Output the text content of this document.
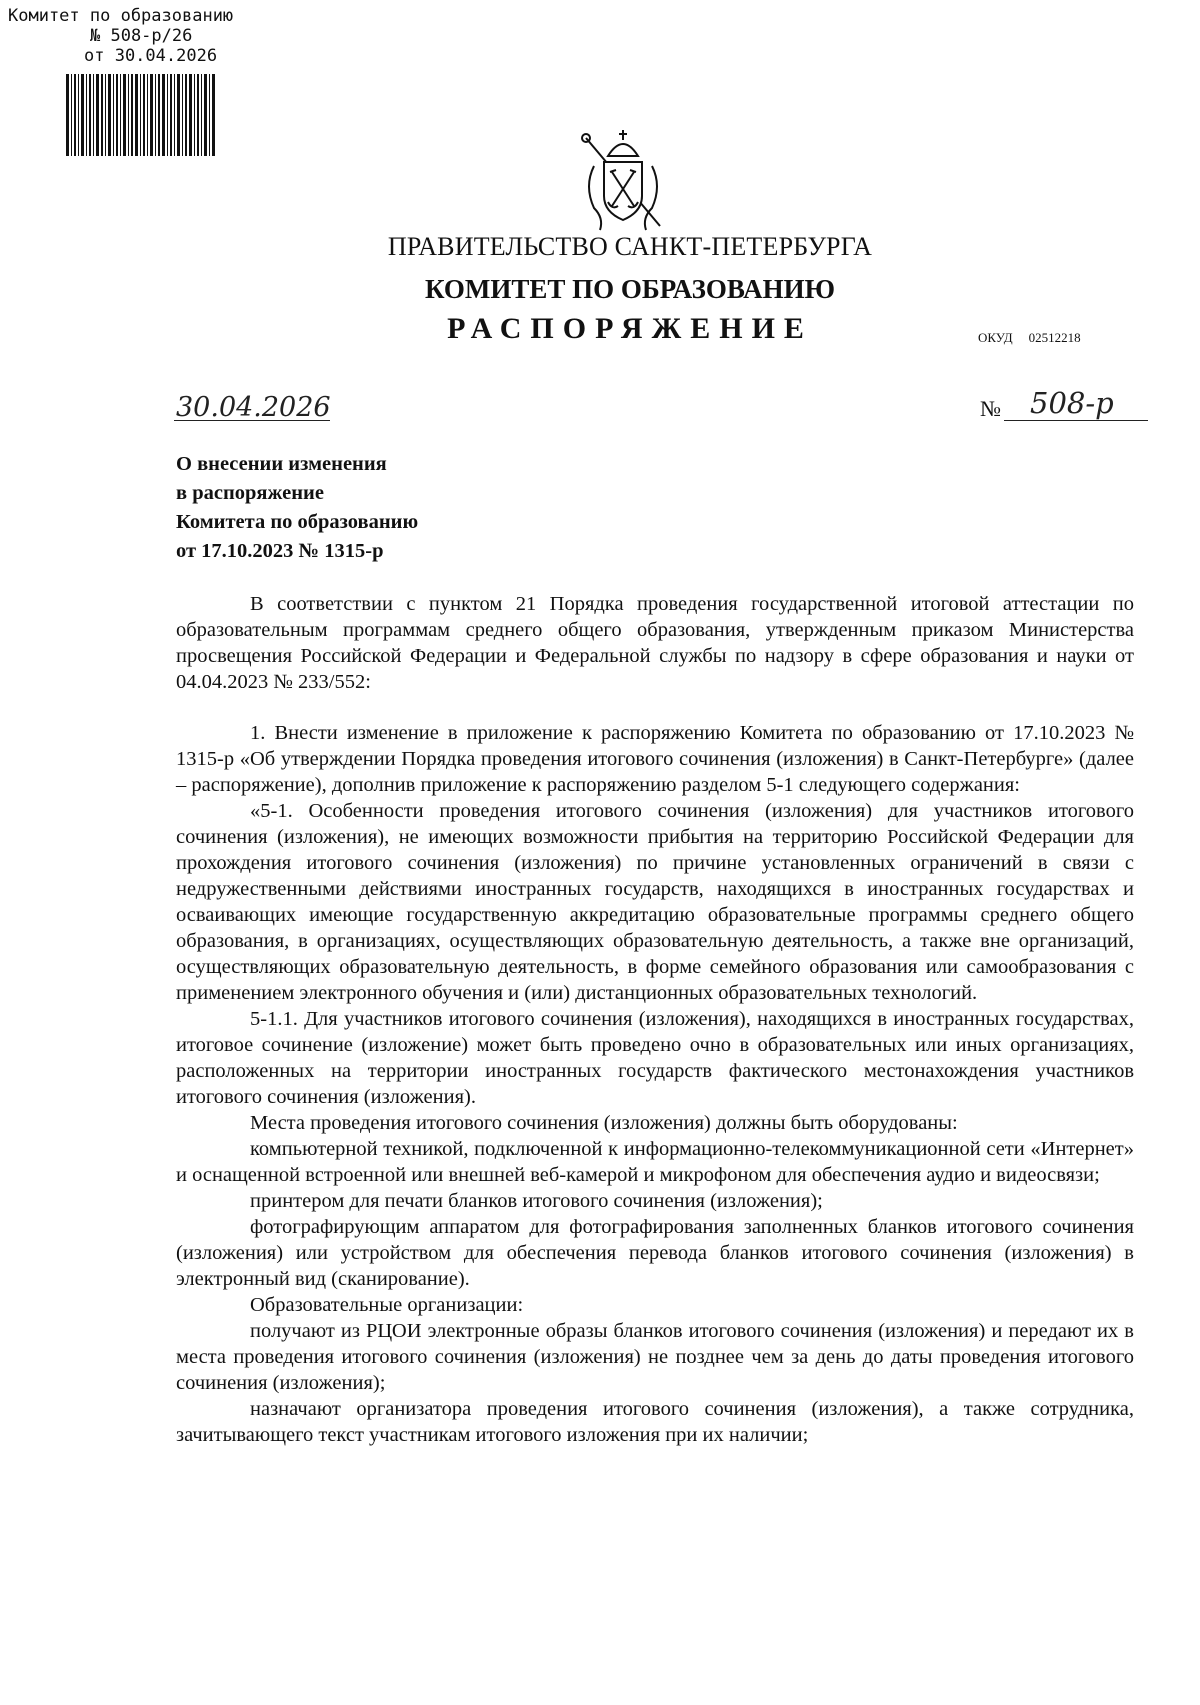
Комитет по образованию
№ 508-р/26
от 30.04.2026
ПРАВИТЕЛЬСТВО САНКТ-ПЕТЕРБУРГА
КОМИТЕТ ПО ОБРАЗОВАНИЮ
РАСПОРЯЖЕНИЕ	ОКУД 02512218
30.04.2026	№ 508-р
О внесении изменения
в распоряжение
Комитета по образованию
от 17.10.2023 № 1315-р

В соответствии с пунктом 21 Порядка проведения государственной итоговой аттестации по образовательным программам среднего общего образования, утвержденным приказом Министерства просвещения Российской Федерации и Федеральной службы по надзору в сфере образования и науки от 04.04.2023 № 233/552:

1. Внести изменение в приложение к распоряжению Комитета по образованию от 17.10.2023 № 1315-р «Об утверждении Порядка проведения итогового сочинения (изложения) в Санкт-Петербурге» (далее – распоряжение), дополнив приложение к распоряжению разделом 5-1 следующего содержания:

«5-1. Особенности проведения итогового сочинения (изложения) для участников итогового сочинения (изложения), не имеющих возможности прибытия на территорию Российской Федерации для прохождения итогового сочинения (изложения) по причине установленных ограничений в связи с недружественными действиями иностранных государств, находящихся в иностранных государствах и осваивающих имеющие государственную аккредитацию образовательные программы среднего общего образования, в организациях, осуществляющих образовательную деятельность, а также вне организаций, осуществляющих образовательную деятельность, в форме семейного образования или самообразования с применением электронного обучения и (или) дистанционных образовательных технологий.

5-1.1. Для участников итогового сочинения (изложения), находящихся в иностранных государствах, итоговое сочинение (изложение) может быть проведено очно в образовательных или иных организациях, расположенных на территории иностранных государств фактического местонахождения участников итогового сочинения (изложения).

Места проведения итогового сочинения (изложения) должны быть оборудованы:

компьютерной техникой, подключенной к информационно-телекоммуникационной сети «Интернет» и оснащенной встроенной или внешней веб-камерой и микрофоном для обеспечения аудио и видеосвязи;

принтером для печати бланков итогового сочинения (изложения);

фотографирующим аппаратом для фотографирования заполненных бланков итогового сочинения (изложения) или устройством для обеспечения перевода бланков итогового сочинения (изложения) в электронный вид (сканирование).

Образовательные организации:

получают из РЦОИ электронные образы бланков итогового сочинения (изложения) и передают их в места проведения итогового сочинения (изложения) не позднее чем за день до даты проведения итогового сочинения (изложения);

назначают организатора проведения итогового сочинения (изложения), а также сотрудника, зачитывающего текст участникам итогового изложения при их наличии;
